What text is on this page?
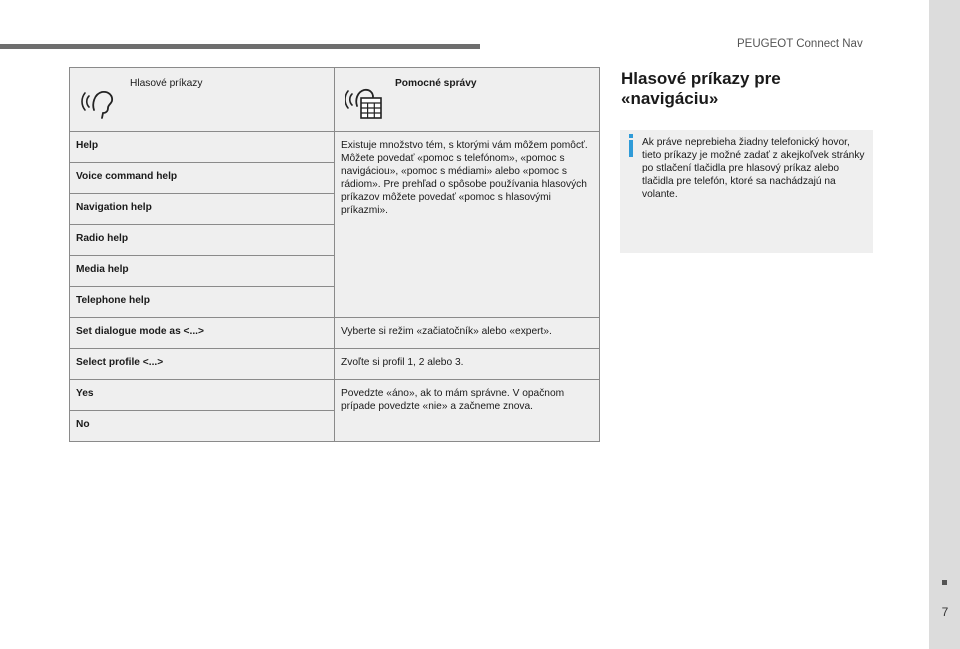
PEUGEOT Connect Nav
Hlasové príkazy	Pomocné správy

Help	Existuje množstvo tém, s ktorými vám môžem pomôcť. Môžete povedať «pomoc s telefónom», «pomoc s navigáciou», «pomoc s médiami» alebo «pomoc s rádiom». Pre prehľad o spôsobe používania hlasových príkazov môžete povedať «pomoc s hlasovými príkazmi».
Voice command help	
Navigation help	
Radio help	
Media help	
Telephone help	
Set dialogue mode as <...>	Vyberte si režim «začiatočník» alebo «expert».
Select profile <...>	Zvoľte si profil 1, 2 alebo 3.
Yes	Povedzte «áno», ak to mám správne. V opačnom prípade povedzte «nie» a začneme znova.
No	
Hlasové príkazy pre «navigáciu»

Ak práve neprebieha žiadny telefonický hovor, tieto príkazy je možné zadať z akejkoľvek stránky po stlačení tlačidla pre hlasový príkaz alebo tlačidla pre telefón, ktoré sa nachádzajú na volante.

7
